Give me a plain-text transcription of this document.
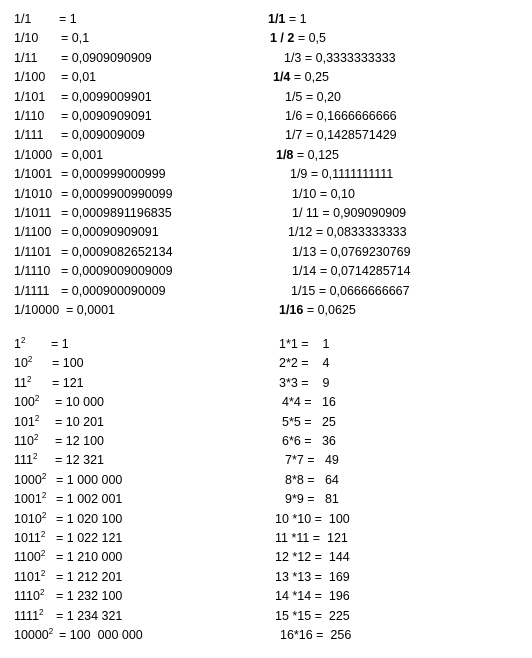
1/1 = 1
1/10 = 0,1
1/11 = 0,0909090909
1/100 = 0,01
1/101 = 0,0099009901
1/110 = 0,0090909091
1/111 = 0,009009009
1/1000 = 0,001
1/1001 = 0,000999000999
1/1010 = 0,0009900990099
1/1011 = 0,0009891196835
1/1100 = 0,00090909091
1/1101 = 0,0009082652134
1/1110 = 0,0009009009009
1/1111 = 0,000900090009
1/10000 = 0,0001
1/1 = 1
1 / 2 = 0,5
1/3 = 0,3333333333
1/4 = 0,25
1/5 = 0,20
1/6 = 0,1666666666
1/7 = 0,1428571429
1/8 = 0,125
1/9 = 0,1111111111
1/10 = 0,10
1/ 11 = 0,909090909
1/12 = 0,0833333333
1/13 = 0,0769230769
1/14 = 0,0714285714
1/15 = 0,0666666667
1/16 = 0,0625
$1^2 = 1$
$10^2 = 100$
$11^2 = 121$
$100^2 = 10$ 000
$101^2 = 10$ 201
$110^2 = 12$ 100
$111^2 = 12$ 321
$1000^2 = 1$ 000 000
$1001^2 = 1$ 002 001
$1010^2 = 1$ 020 100
$1011^2 = 1$ 022 121
$1100^2 = 1$ 210 000
$1101^2 = 1$ 212 201
$1110^2 = 1$ 232 100
$1111^2 = 1$ 234 321
$10000^2 = 100$  000 000
1*1 =    1
2*2 =    4
3*3 =    9
4*4 =   16
5*5 =   25
6*6 =   36
7*7 =   49
8*8 =   64
9*9 =   81
10 *10 =  100
11 *11 =  121
12 *12 =  144
13 *13 =  169
14 *14 =  196
15 *15 =  225
16*16 =  256
